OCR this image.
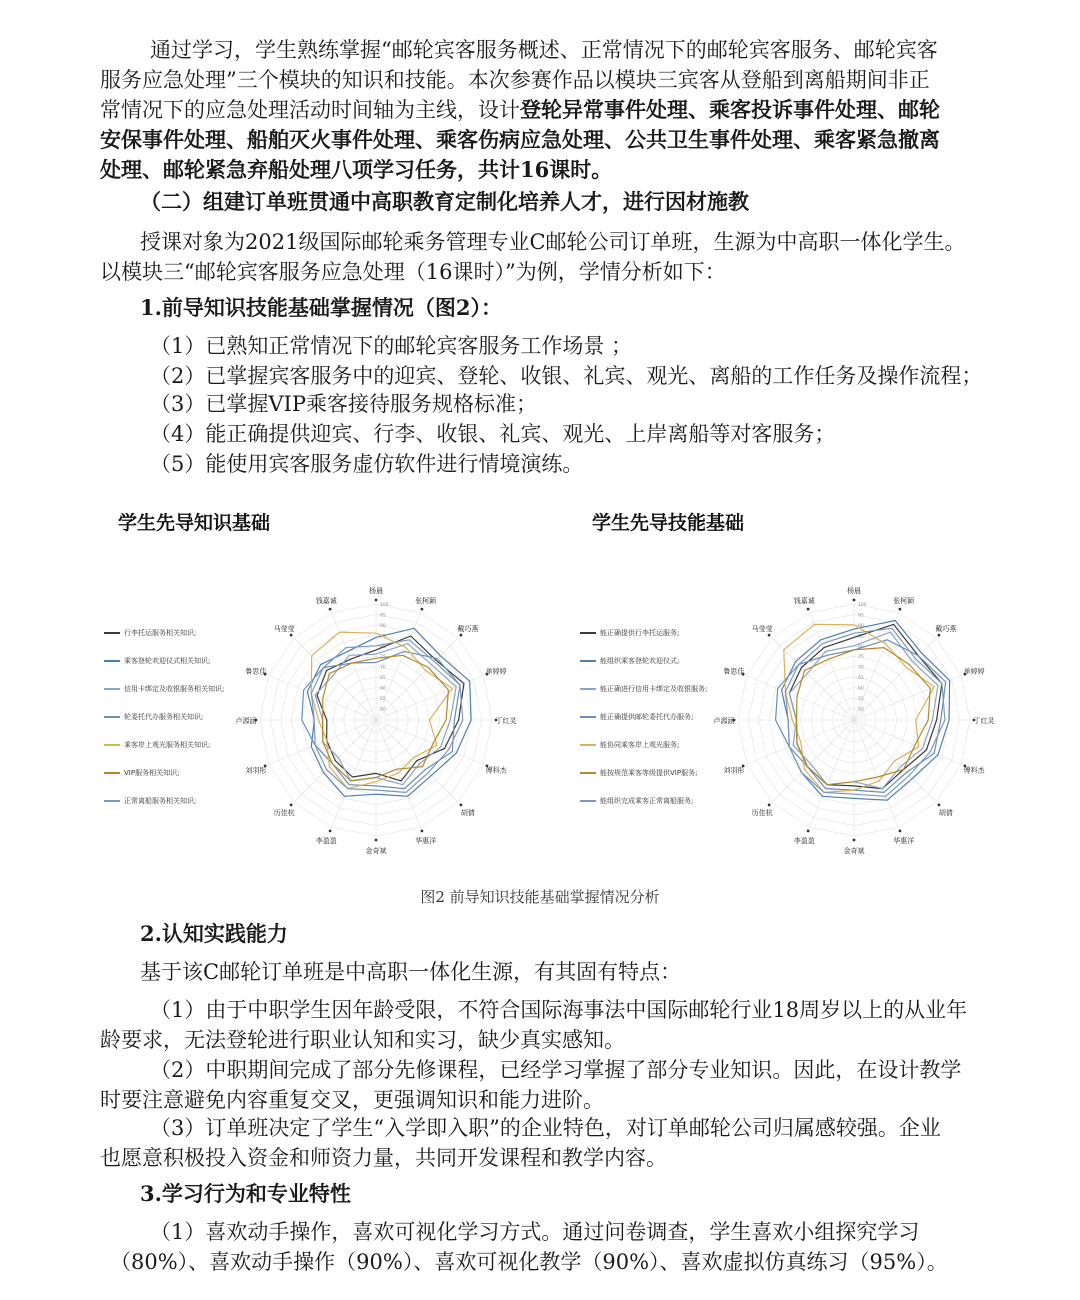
通过学习，学生熟练掌握“邮轮宾客服务概述、正常情况下的邮轮宾客服务、邮轮宾客
服务应急处理”三个模块的知识和技能。本次参赛作品以模块三宾客从登船到离船期间非正
常情况下的应急处理活动时间轴为主线，设计登轮异常事件处理、乘客投诉事件处理、邮轮
安保事件处理、船舶灭火事件处理、乘客伤病应急处理、公共卫生事件处理、乘客紧急撤离
处理、邮轮紧急弃船处理八项学习任务，共计16课时。
（二）组建订单班贯通中高职教育定制化培养人才，进行因材施教
授课对象为2021级国际邮轮乘务管理专业C邮轮公司订单班，生源为中高职一体化学生。
以模块三“邮轮宾客服务应急处理（16课时）”为例，学情分析如下：
1.前导知识技能基础掌握情况（图2）：
（1）已熟知正常情况下的邮轮宾客服务工作场景 ；
（2）已掌握宾客服务中的迎宾、登轮、收银、礼宾、观光、离船的工作任务及操作流程；
（3）已掌握VIP乘客接待服务规格标准；
（4）能正确提供迎宾、行李、收银、礼宾、观光、上岸离船等对客服务；
（5）能使用宾客服务虚仿软件进行情境演练。
学生先导知识基础	学生先导技能基础
行李托运服务相关知识;
乘客登轮欢迎仪式相关知识;
信用卡绑定及收银服务相关知识;
轮委托代办服务相关知识;
乘客岸上观光服务相关知识;
VIP服务相关知识;
正常离船服务相关知识;
能正确提供行李托运服务;
能组织乘客登轮欢迎仪式;
能正确进行信用卡绑定及收银服务;
能正确提供邮轮委托代办服务;
能协同乘客岸上观光服务;
能按规范乘客等级提供VIP服务;
能组织完成乘客正常离船服务;
杨晨
张柯颖
戴巧燕
单婷婷
丁红灵
傅科杰
胡倩
华惠洋
金奇斌
李盈盈
历佳杭
刘羽彤
卢源涵
鲁思佳
马莹莹
钱嘉诚
100
95
90
85
80
75
70
65
60
55
50
杨晨
张柯颖
戴巧燕
单婷婷
丁红灵
傅科杰
胡倩
华惠洋
金奇斌
李盈盈
历佳杭
刘羽彤
卢源涵
鲁思佳
马莹莹
钱嘉诚
100
95
90
85
80
75
70
65
60
55
50
图2 前导知识技能基础掌握情况分析
2.认知实践能力
基于该C邮轮订单班是中高职一体化生源，有其固有特点：
（1）由于中职学生因年龄受限，不符合国际海事法中国际邮轮行业18周岁以上的从业年
龄要求，无法登轮进行职业认知和实习，缺少真实感知。
（2）中职期间完成了部分先修课程，已经学习掌握了部分专业知识。因此，在设计教学
时要注意避免内容重复交叉，更强调知识和能力进阶。
（3）订单班决定了学生“入学即入职”的企业特色，对订单邮轮公司归属感较强。企业
也愿意积极投入资金和师资力量，共同开发课程和教学内容。
3.学习行为和专业特性
（1）喜欢动手操作，喜欢可视化学习方式。通过问卷调查，学生喜欢小组探究学习
（80%）、喜欢动手操作（90%）、喜欢可视化教学（90%）、喜欢虚拟仿真练习（95%）。
